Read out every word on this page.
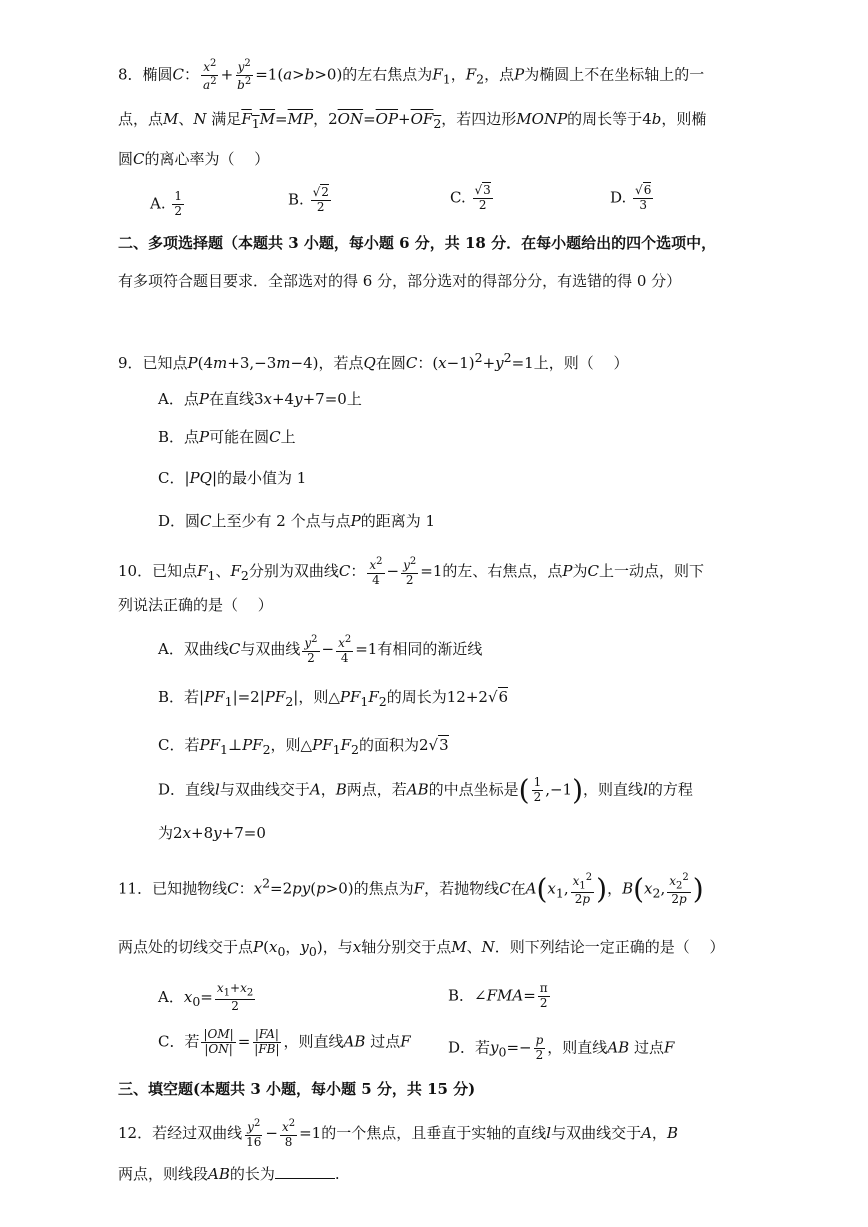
8．椭圆C： $\frac{x^2}{a^2} + \frac{y^2}{b^2} =1(a>b>0)$的左右焦点为$F_1$，$F_2$，点P为椭圆上不在坐标轴上的一
点，点M、N 满足$F_1M=\overline{MP}$，$2\overline{ON}=\overline{OP}+OF_2$，若四边形MONP的周长等于4b，则椭
圆C的离心率为（　 ）
A. $\frac{1}{2}$	B. $\frac{√2}{2}$	C. $\frac{√3}{2}$	D. $\frac{√6}{3}$
二、多项选择题（本题共 3 小题，每小题 6 分，共 18 分．在每小题给出的四个选项中，
有多项符合题目要求．全部选对的得 6 分，部分选对的得部分分，有选错的得 0 分）
9．已知点P(4m+3,−3m−4)，若点Q在圆C：$(x-1)^2+y^2=1$上，则（　 ）
A．点P在直线3x+4y+7=0上
B．点P可能在圆C上
C．|PQ|的最小值为 1
D．圆C上至少有 2 个点与点P的距离为 1
10．已知点$F_1$、$F_2$分别为双曲线C： $\frac{x^2}{4} - \frac{y^2}{2} =1$的左、右焦点，点P为C上一动点，则下
列说法正确的是（　 ）
A．双曲线C与双曲线 $\frac{y^2}{2} - \frac{x^2}{4} =1$有相同的渐近线
B．若$|PF_1|=2|PF_2|$，则$\triangle PF_1F_2$的周长为12+2√6
C．若$PF_1\perp PF_2$，则$\triangle PF_1F_2$的面积为2√3
D．直线l与双曲线交于A，B两点，若AB的中点坐标是( $\frac{1}{2} ,-1$)，则直线l的方程
为2x+8y+7=0
11．已知抛物线C：$x^2=2py(p>0)$的焦点为F，若抛物线C在$A(x_1$, $\frac{x_1^2}{2p}$ )，$B(x_2$, $\frac{x_2^2}{2p}$ )
两点处的切线交于点$P(x_0$，$y_0$)，与x轴分别交于点M、N．则下列结论一定正确的是（　 ）
A．$x_0= \frac{x_1+x_2}{2}$	B．∠FMA= $\frac{\pi}{2}$
C．若 $\frac{|OM|}{|ON|} = \frac{|FA|}{|FB|}$ ，则直线AB 过点F D．若$y_0=- \frac{p}{2}$ ，则直线AB 过点F
三、填空题(本题共 3 小题，每小题 5 分，共 15 分)
12．若经过双曲线 $\frac{y^2}{16} - \frac{x^2}{8} =1$的一个焦点，且垂直于实轴的直线l与双曲线交于A，B
两点，则线段AB的长为	.
